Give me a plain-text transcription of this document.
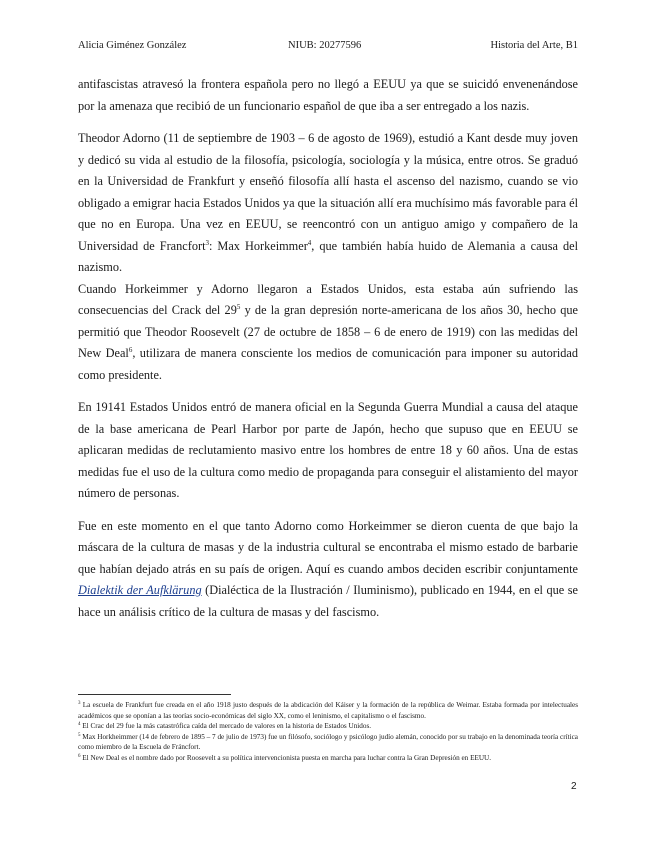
Alicia Giménez González	NIUB: 20277596	Historia del Arte, B1

antifascistas atravesó la frontera española pero no llegó a EEUU ya que se suicidó envenenándose por la amenaza que recibió de un funcionario español de que iba a ser entregado a los nazis.

Theodor Adorno (11 de septiembre de 1903 – 6 de agosto de 1969), estudió a Kant desde muy joven y dedicó su vida al estudio de la filosofía, psicología, sociología y la música, entre otros. Se graduó en la Universidad de Frankfurt y enseñó filosofía allí hasta el ascenso del nazismo, cuando se vio obligado a emigrar hacia Estados Unidos ya que la situación allí era muchísimo más favorable para él que no en Europa. Una vez en EEUU, se reencontró con un antiguo amigo y compañero de la Universidad de Francfort$^3$: Max Horkeimmer$^4$, que también había huido de Alemania a causa del nazismo.

Cuando Horkeimmer y Adorno llegaron a Estados Unidos, esta estaba aún sufriendo las consecuencias del Crack del $29^5$ y de la gran depresión norte-americana de los años 30, hecho que permitió que Theodor Roosevelt (27 de octubre de 1858 – 6 de enero de 1919) con las medidas del New Deal$^6$, utilizara de manera consciente los medios de comunicación para imponer su autoridad como presidente.

En 19141 Estados Unidos entró de manera oficial en la Segunda Guerra Mundial a causa del ataque de la base americana de Pearl Harbor por parte de Japón, hecho que supuso que en EEUU se aplicaran medidas de reclutamiento masivo entre los hombres de entre 18 y 60 años. Una de estas medidas fue el uso de la cultura como medio de propaganda para conseguir el alistamiento del mayor número de personas.

Fue en este momento en el que tanto Adorno como Horkeimmer se dieron cuenta de que bajo la máscara de la cultura de masas y de la industria cultural se encontraba el mismo estado de barbarie que habían dejado atrás en su país de origen. Aquí es cuando ambos deciden escribir conjuntamente Dialektik der Aufklärung (Dialéctica de la Ilustración / Iluminismo), publicado en 1944, en el que se hace un análisis crítico de la cultura de masas y del fascismo.

$^3$ La escuela de Frankfurt fue creada en el año 1918 justo después de la abdicación del Káiser y la formación de la república de Weimar. Estaba formada por intelectuales académicos que se oponían a las teorías socio-económicas del siglo XX, como el leninismo, el capitalismo o el fascismo.

$^4$ El Crac del 29 fue la más catastrófica caída del mercado de valores en la historia de Estados Unidos.

$^5$ Max Horkheimmer (14 de febrero de 1895 – 7 de julio de 1973) fue un filósofo, sociólogo y psicólogo judío alemán, conocido por su trabajo en la denominada teoría crítica como miembro de la Escuela de Fráncfort.

$^6$ El New Deal es el nombre dado por Roosevelt a su política intervencionista puesta en marcha para luchar contra la Gran Depresión en EEUU.

2
